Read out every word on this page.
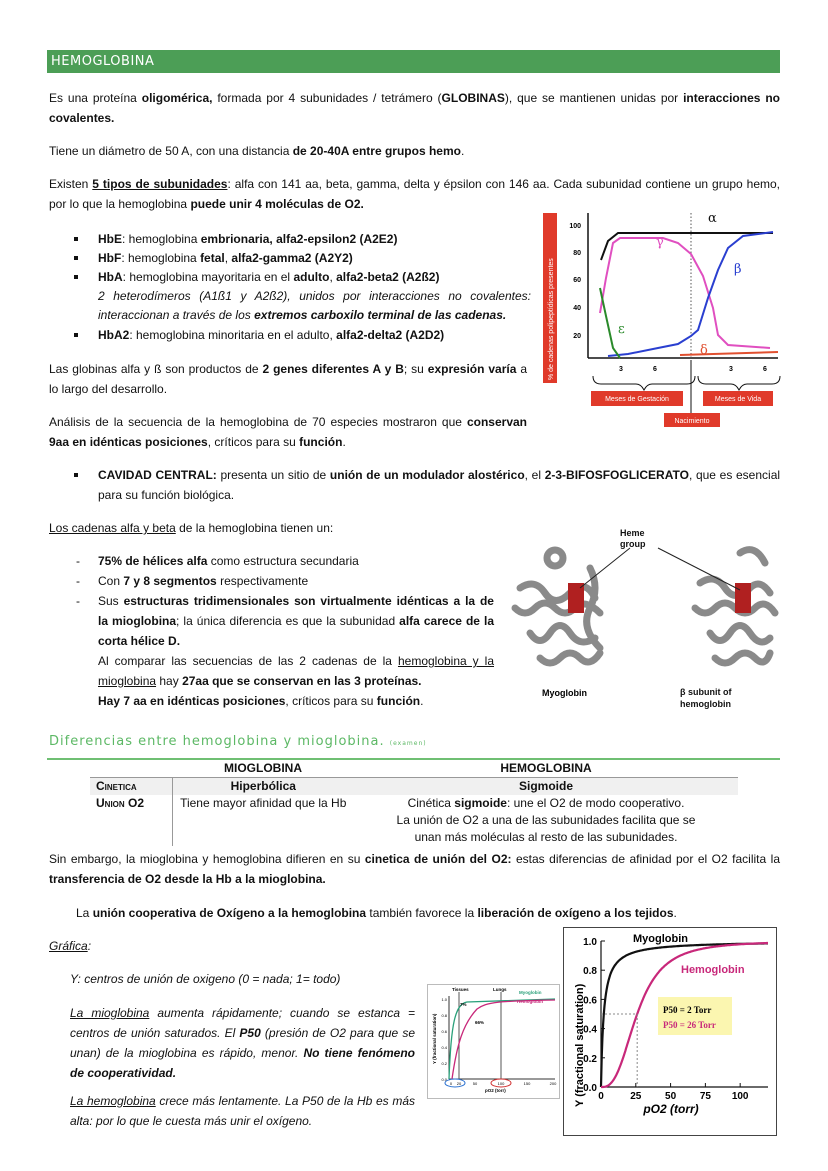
HEMOGLOBINA
Es una proteína oligomérica, formada por 4 subunidades / tetrámero (GLOBINAS), que se mantienen unidas por interacciones no covalentes.
Tiene un diámetro de 50 A, con una distancia de 20-40A entre grupos hemo.
Existen 5 tipos de subunidades: alfa con 141 aa, beta, gamma, delta y épsilon con 146 aa. Cada subunidad contiene un grupo hemo, por lo que la hemoglobina puede unir 4 moléculas de O2.
HbE: hemoglobina embrionaria, alfa2-epsilon2 (A2E2)
HbF: hemoglobina fetal, alfa2-gamma2 (A2Y2)
HbA: hemoglobina mayoritaria en el adulto, alfa2-beta2 (A2ß2)
2 heterodímeros (A1ß1 y A2ß2), unidos por interacciones no covalentes: interaccionan a través de los extremos carboxilo terminal de las cadenas.
HbA2: hemoglobina minoritaria en el adulto, alfa2-delta2 (A2D2)
Las globinas alfa y ß son productos de 2 genes diferentes A y B; su expresión varía a lo largo del desarrollo.
Análisis de la secuencia de la hemoglobina de 70 especies mostraron que conservan 9aa en idénticas posiciones, críticos para su función.
CAVIDAD CENTRAL: presenta un sitio de unión de un modulador alostérico, el 2-3-BIFOSFOGLICERATO, que es esencial para su función biológica.
Los cadenas alfa y beta de la hemoglobina tienen un:
- 75% de hélices alfa como estructura secundaria
- Con 7 y 8 segmentos respectivamente
- Sus estructuras tridimensionales son virtualmente idénticas a la de la mioglobina; la única diferencia es que la subunidad alfa carece de la corta hélice D.
Al comparar las secuencias de las 2 cadenas de la hemoglobina y la mioglobina hay 27aa que se conservan en las 3 proteínas.
Hay 7 aa en idénticas posiciones, críticos para su función.
% de cadenas polipeptídicas presentes
100
80
60
40
20
3	6	3	6
α
γ
β
ε
δ
Meses de Gestación	Meses de Vida
Nacimiento
Heme group
Myoglobin	β subunit of hemoglobin
Diferencias entre hemoglobina y mioglobina. (examen)
	MIOGLOBINA	HEMOGLOBINA
Cinetica	Hiperbólica	Sigmoide
Union O2	Tiene mayor afinidad que la Hb	Cinética sigmoide: une el O2 de modo cooperativo.
La unión de O2 a una de las subunidades facilita que se
unan más moléculas al resto de las subunidades.
Sin embargo, la mioglobina y hemoglobina difieren en su cinetica de unión del O2: estas diferencias de afinidad por el O2 facilita la transferencia de O2 desde la Hb a la mioglobina.
La unión cooperativa de Oxígeno a la hemoglobina también favorece la liberación de oxígeno a los tejidos.
Gráfica:
Y: centros de unión de oxigeno (0 = nada; 1= todo)
La mioglobina aumenta rápidamente; cuando se estanca = centros de unión saturados. El P50 (presión de O2 para que se unan) de la mioglobina es rápido, menor. No tiene fenómeno de cooperatividad.
La hemoglobina crece más lentamente. La P50 de la Hb es más alta: por lo que le cuesta más unir el oxígeno.
Tissues	Lungs
Myoglobin
Hemoglobin
7%
66%
pO2 (torr)
Y (fractional saturation)
1.0
0.8
0.6
0.4
0.2
0.0
0 20	50	100	150	200 Y (fractional saturation)
pO2 (torr)
P50 = 2 Torr
P50 = 26 Torr
Myoglobin
Hemoglobin
0.0
0.2
0.4
0.6
0.8
1.0
0	25 50 75 100
